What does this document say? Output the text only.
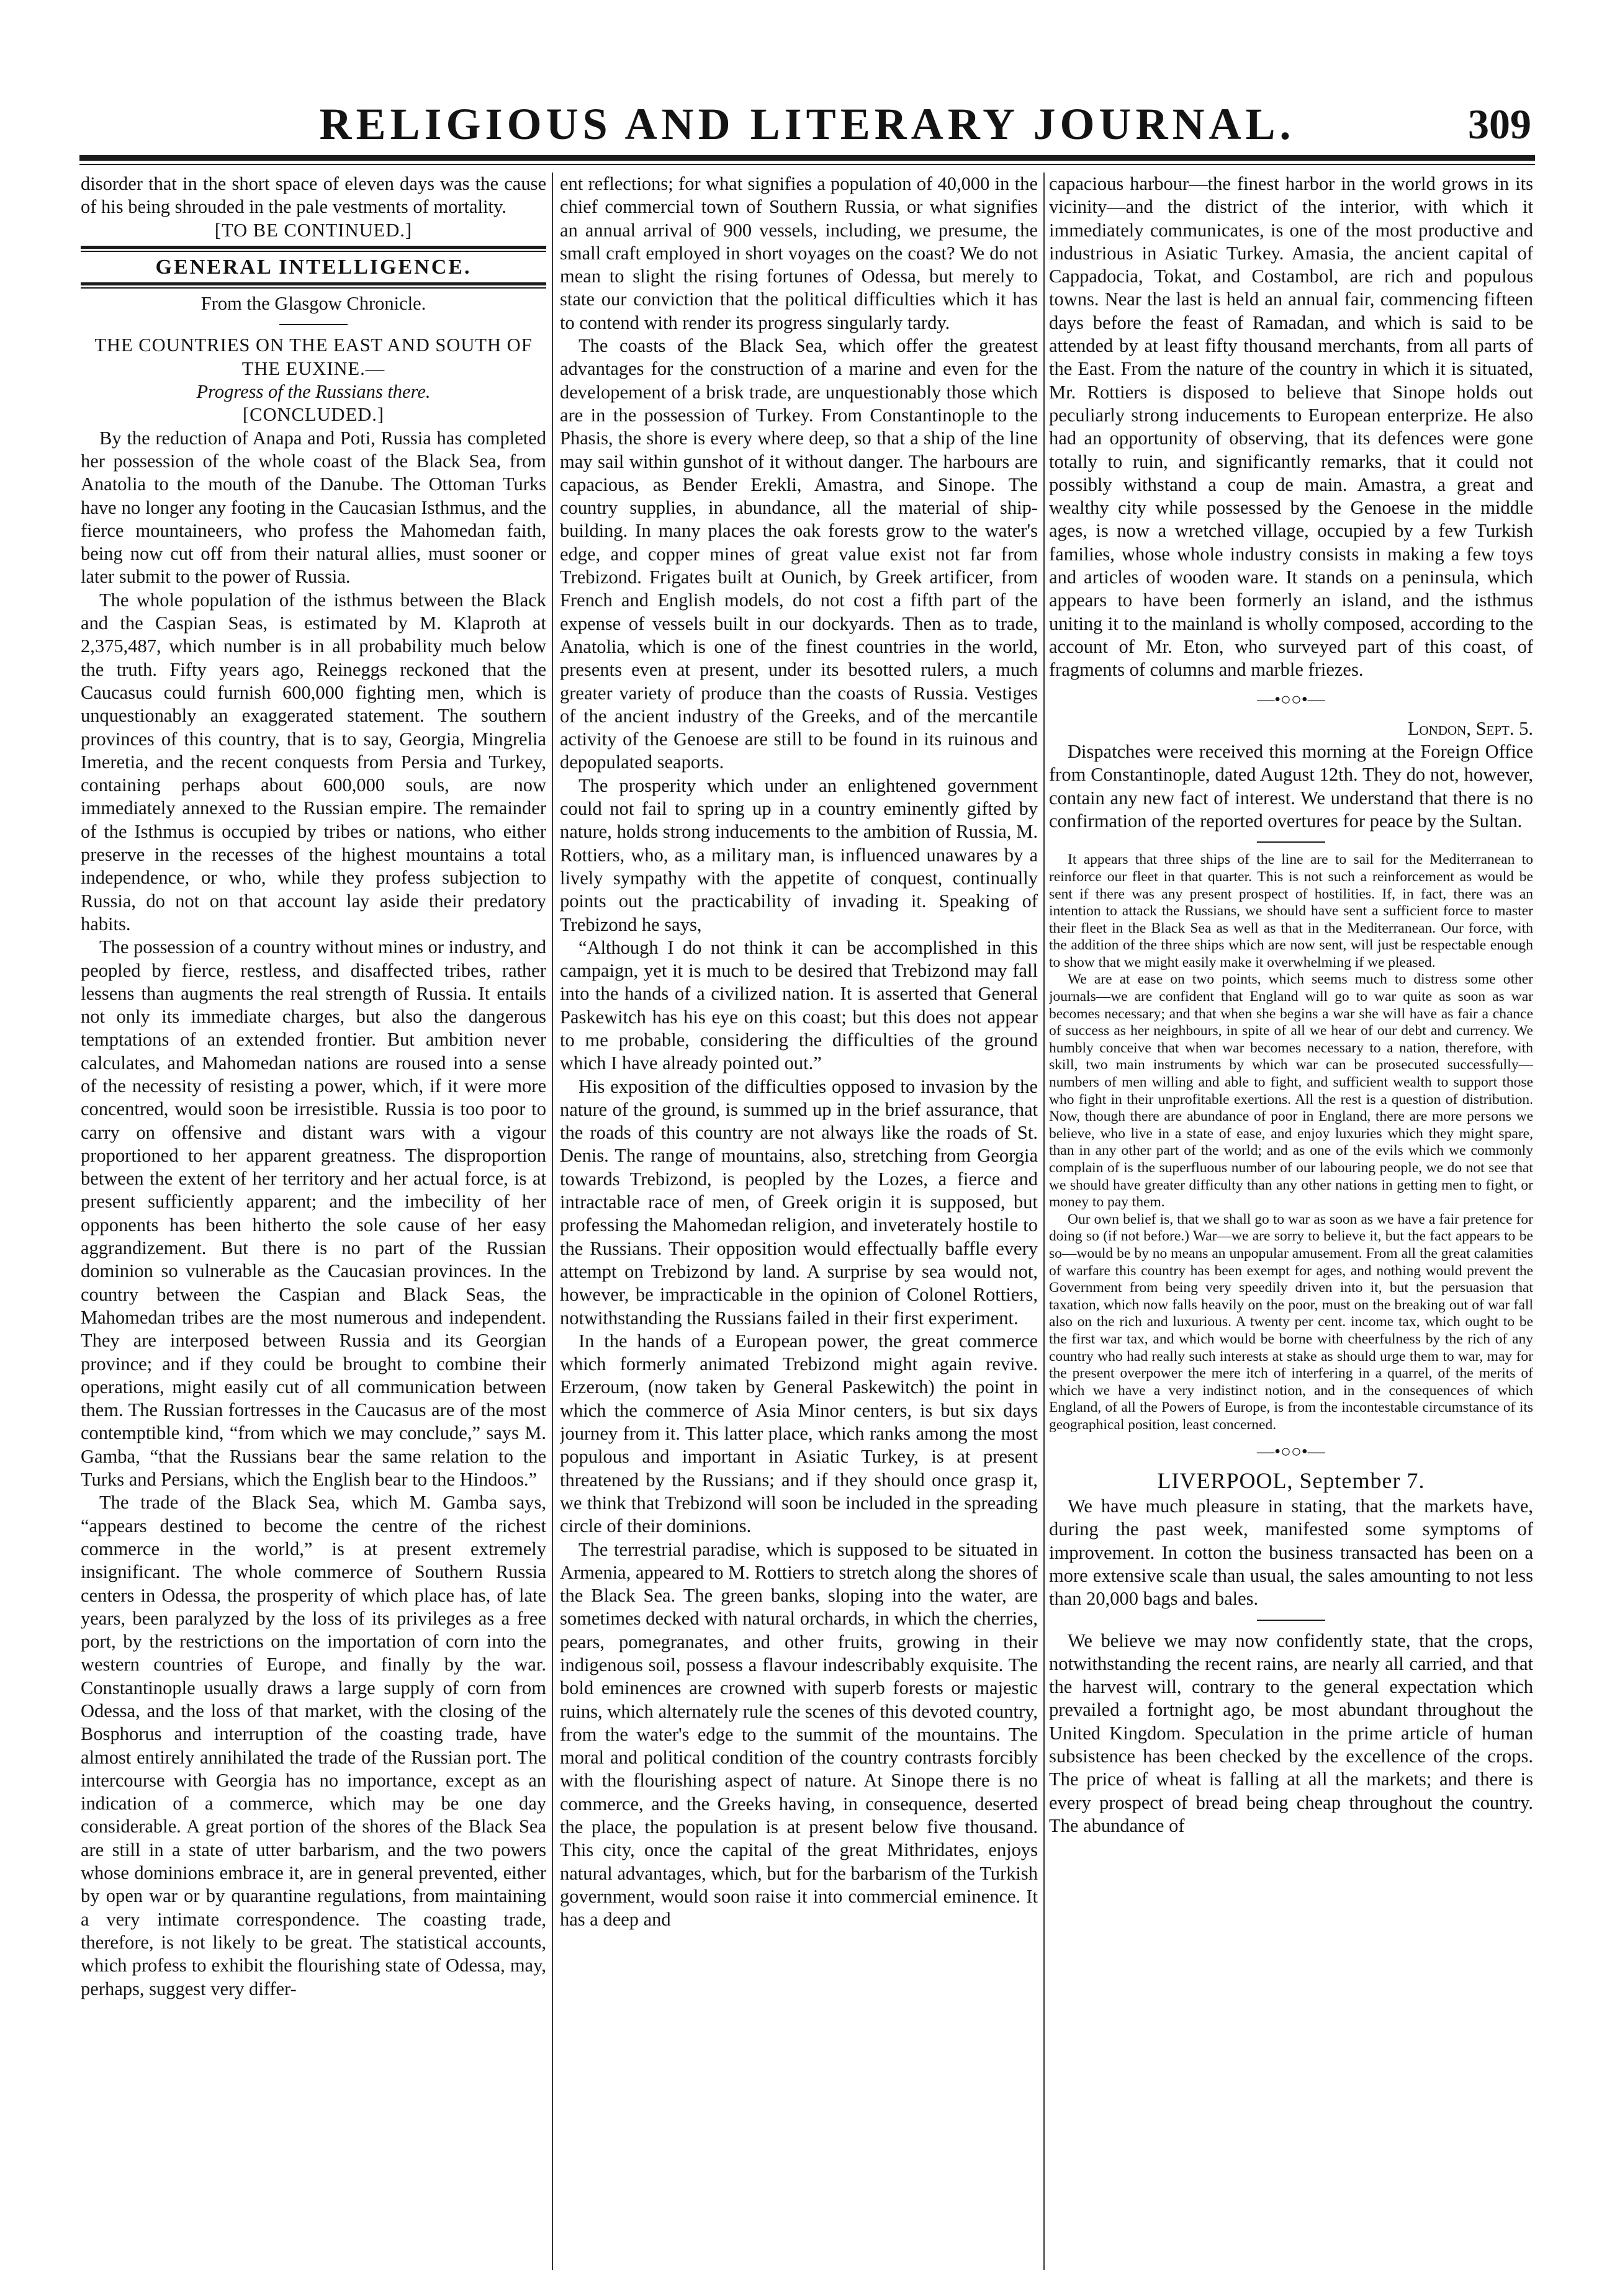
RELIGIOUS AND LITERARY JOURNAL.	309

disorder that in the short space of eleven days was the cause of his being shrouded in the pale vestments of mortality.

[TO BE CONTINUED.]

GENERAL INTELLIGENCE.

From the Glasgow Chronicle.

THE COUNTRIES ON THE EAST AND SOUTH OF THE EUXINE.—

Progress of the Russians there.

[CONCLUDED.]

By the reduction of Anapa and Poti, Russia has completed her possession of the whole coast of the Black Sea, from Anatolia to the mouth of the Danube. The Ottoman Turks have no longer any footing in the Caucasian Isthmus, and the fierce mountaineers, who profess the Mahomedan faith, being now cut off from their natural allies, must sooner or later submit to the power of Russia.

The whole population of the isthmus between the Black and the Caspian Seas, is estimated by M. Klaproth at 2,375,487, which number is in all probability much below the truth. Fifty years ago, Reineggs reckoned that the Caucasus could furnish 600,000 fighting men, which is unquestionably an exaggerated statement. The southern provinces of this country, that is to say, Georgia, Mingrelia Imeretia, and the recent conquests from Persia and Turkey, containing perhaps about 600,000 souls, are now immediately annexed to the Russian empire. The remainder of the Isthmus is occupied by tribes or nations, who either preserve in the recesses of the highest mountains a total independence, or who, while they profess subjection to Russia, do not on that account lay aside their predatory habits.

The possession of a country without mines or industry, and peopled by fierce, restless, and disaffected tribes, rather lessens than augments the real strength of Russia. It entails not only its immediate charges, but also the dangerous temptations of an extended frontier. But ambition never calculates, and Mahomedan nations are roused into a sense of the necessity of resisting a power, which, if it were more concentred, would soon be irresistible. Russia is too poor to carry on offensive and distant wars with a vigour proportioned to her apparent greatness. The disproportion between the extent of her territory and her actual force, is at present sufficiently apparent; and the imbecility of her opponents has been hitherto the sole cause of her easy aggrandizement. But there is no part of the Russian dominion so vulnerable as the Caucasian provinces. In the country between the Caspian and Black Seas, the Mahomedan tribes are the most numerous and independent. They are interposed between Russia and its Georgian province; and if they could be brought to combine their operations, might easily cut of all communication between them. The Russian fortresses in the Caucasus are of the most contemptible kind, “from which we may conclude,” says M. Gamba, “that the Russians bear the same relation to the Turks and Persians, which the English bear to the Hindoos.”

The trade of the Black Sea, which M. Gamba says, “appears destined to become the centre of the richest commerce in the world,” is at present extremely insignificant. The whole commerce of Southern Russia centers in Odessa, the prosperity of which place has, of late years, been paralyzed by the loss of its privileges as a free port, by the restrictions on the importation of corn into the western countries of Europe, and finally by the war. Constantinople usually draws a large supply of corn from Odessa, and the loss of that market, with the closing of the Bosphorus and interruption of the coasting trade, have almost entirely annihilated the trade of the Russian port. The intercourse with Georgia has no importance, except as an indication of a commerce, which may be one day considerable. A great portion of the shores of the Black Sea are still in a state of utter barbarism, and the two powers whose dominions embrace it, are in general prevented, either by open war or by quarantine regulations, from maintaining a very intimate correspondence. The coasting trade, therefore, is not likely to be great. The statistical accounts, which profess to exhibit the flourishing state of Odessa, may, perhaps, suggest very differ-

ent reflections; for what signifies a population of 40,000 in the chief commercial town of Southern Russia, or what signifies an annual arrival of 900 vessels, including, we presume, the small craft employed in short voyages on the coast? We do not mean to slight the rising fortunes of Odessa, but merely to state our conviction that the political difficulties which it has to contend with render its progress singularly tardy.

The coasts of the Black Sea, which offer the greatest advantages for the construction of a marine and even for the developement of a brisk trade, are unquestionably those which are in the possession of Turkey. From Constantinople to the Phasis, the shore is every where deep, so that a ship of the line may sail within gunshot of it without danger. The harbours are capacious, as Bender Erekli, Amastra, and Sinope. The country supplies, in abundance, all the material of ship-building. In many places the oak forests grow to the water's edge, and copper mines of great value exist not far from Trebizond. Frigates built at Ounich, by Greek artificer, from French and English models, do not cost a fifth part of the expense of vessels built in our dockyards. Then as to trade, Anatolia, which is one of the finest countries in the world, presents even at present, under its besotted rulers, a much greater variety of produce than the coasts of Russia. Vestiges of the ancient industry of the Greeks, and of the mercantile activity of the Genoese are still to be found in its ruinous and depopulated seaports.

The prosperity which under an enlightened government could not fail to spring up in a country eminently gifted by nature, holds strong inducements to the ambition of Russia, M. Rottiers, who, as a military man, is influenced unawares by a lively sympathy with the appetite of conquest, continually points out the practicability of invading it. Speaking of Trebizond he says,

“Although I do not think it can be accomplished in this campaign, yet it is much to be desired that Trebizond may fall into the hands of a civilized nation. It is asserted that General Paskewitch has his eye on this coast; but this does not appear to me probable, considering the difficulties of the ground which I have already pointed out.”

His exposition of the difficulties opposed to invasion by the nature of the ground, is summed up in the brief assurance, that the roads of this country are not always like the roads of St. Denis. The range of mountains, also, stretching from Georgia towards Trebizond, is peopled by the Lozes, a fierce and intractable race of men, of Greek origin it is supposed, but professing the Mahomedan religion, and inveterately hostile to the Russians. Their opposition would effectually baffle every attempt on Trebizond by land. A surprise by sea would not, however, be impracticable in the opinion of Colonel Rottiers, notwithstanding the Russians failed in their first experiment.

In the hands of a European power, the great commerce which formerly animated Trebizond might again revive. Erzeroum, (now taken by General Paskewitch) the point in which the commerce of Asia Minor centers, is but six days journey from it. This latter place, which ranks among the most populous and important in Asiatic Turkey, is at present threatened by the Russians; and if they should once grasp it, we think that Trebizond will soon be included in the spreading circle of their dominions.

The terrestrial paradise, which is supposed to be situated in Armenia, appeared to M. Rottiers to stretch along the shores of the Black Sea. The green banks, sloping into the water, are sometimes decked with natural orchards, in which the cherries, pears, pomegranates, and other fruits, growing in their indigenous soil, possess a flavour indescribably exquisite. The bold eminences are crowned with superb forests or majestic ruins, which alternately rule the scenes of this devoted country, from the water's edge to the summit of the mountains. The moral and political condition of the country contrasts forcibly with the flourishing aspect of nature. At Sinope there is no commerce, and the Greeks having, in consequence, deserted the place, the population is at present below five thousand. This city, once the capital of the great Mithridates, enjoys natural advantages, which, but for the barbarism of the Turkish government, would soon raise it into commercial eminence. It has a deep and

capacious harbour—the finest harbor in the world grows in its vicinity—and the district of the interior, with which it immediately communicates, is one of the most productive and industrious in Asiatic Turkey. Amasia, the ancient capital of Cappadocia, Tokat, and Costambol, are rich and populous towns. Near the last is held an annual fair, commencing fifteen days before the feast of Ramadan, and which is said to be attended by at least fifty thousand merchants, from all parts of the East. From the nature of the country in which it is situated, Mr. Rottiers is disposed to believe that Sinope holds out peculiarly strong inducements to European enterprize. He also had an opportunity of observing, that its defences were gone totally to ruin, and significantly remarks, that it could not possibly withstand a coup de main. Amastra, a great and wealthy city while possessed by the Genoese in the middle ages, is now a wretched village, occupied by a few Turkish families, whose whole industry consists in making a few toys and articles of wooden ware. It stands on a peninsula, which appears to have been formerly an island, and the isthmus uniting it to the mainland is wholly composed, according to the account of Mr. Eton, who surveyed part of this coast, of fragments of columns and marble friezes.

—•○○•—
London, Sept. 5.

Dispatches were received this morning at the Foreign Office from Constantinople, dated August 12th. They do not, however, contain any new fact of interest. We understand that there is no confirmation of the reported overtures for peace by the Sultan.

It appears that three ships of the line are to sail for the Mediterranean to reinforce our fleet in that quarter. This is not such a reinforcement as would be sent if there was any present prospect of hostilities. If, in fact, there was an intention to attack the Russians, we should have sent a sufficient force to master their fleet in the Black Sea as well as that in the Mediterranean. Our force, with the addition of the three ships which are now sent, will just be respectable enough to show that we might easily make it overwhelming if we pleased.

We are at ease on two points, which seems much to distress some other journals—we are confident that England will go to war quite as soon as war becomes necessary; and that when she begins a war she will have as fair a chance of success as her neighbours, in spite of all we hear of our debt and currency. We humbly conceive that when war becomes necessary to a nation, therefore, with skill, two main instruments by which war can be prosecuted successfully—numbers of men willing and able to fight, and sufficient wealth to support those who fight in their unprofitable exertions. All the rest is a question of distribution. Now, though there are abundance of poor in England, there are more persons we believe, who live in a state of ease, and enjoy luxuries which they might spare, than in any other part of the world; and as one of the evils which we commonly complain of is the superfluous number of our labouring people, we do not see that we should have greater difficulty than any other nations in getting men to fight, or money to pay them.

Our own belief is, that we shall go to war as soon as we have a fair pretence for doing so (if not before.) War—we are sorry to believe it, but the fact appears to be so—would be by no means an unpopular amusement. From all the great calamities of warfare this country has been exempt for ages, and nothing would prevent the Government from being very speedily driven into it, but the persuasion that taxation, which now falls heavily on the poor, must on the breaking out of war fall also on the rich and luxurious. A twenty per cent. income tax, which ought to be the first war tax, and which would be borne with cheerfulness by the rich of any country who had really such interests at stake as should urge them to war, may for the present overpower the mere itch of interfering in a quarrel, of the merits of which we have a very indistinct notion, and in the consequences of which England, of all the Powers of Europe, is from the incontestable circumstance of its geographical position, least concerned.

—•○○•—
LIVERPOOL, September 7.

We have much pleasure in stating, that the markets have, during the past week, manifested some symptoms of improvement. In cotton the business transacted has been on a more extensive scale than usual, the sales amounting to not less than 20,000 bags and bales.

We believe we may now confidently state, that the crops, notwithstanding the recent rains, are nearly all carried, and that the harvest will, contrary to the general expectation which prevailed a fortnight ago, be most abundant throughout the United Kingdom. Speculation in the prime article of human subsistence has been checked by the excellence of the crops. The price of wheat is falling at all the markets; and there is every prospect of bread being cheap throughout the country. The abundance of
